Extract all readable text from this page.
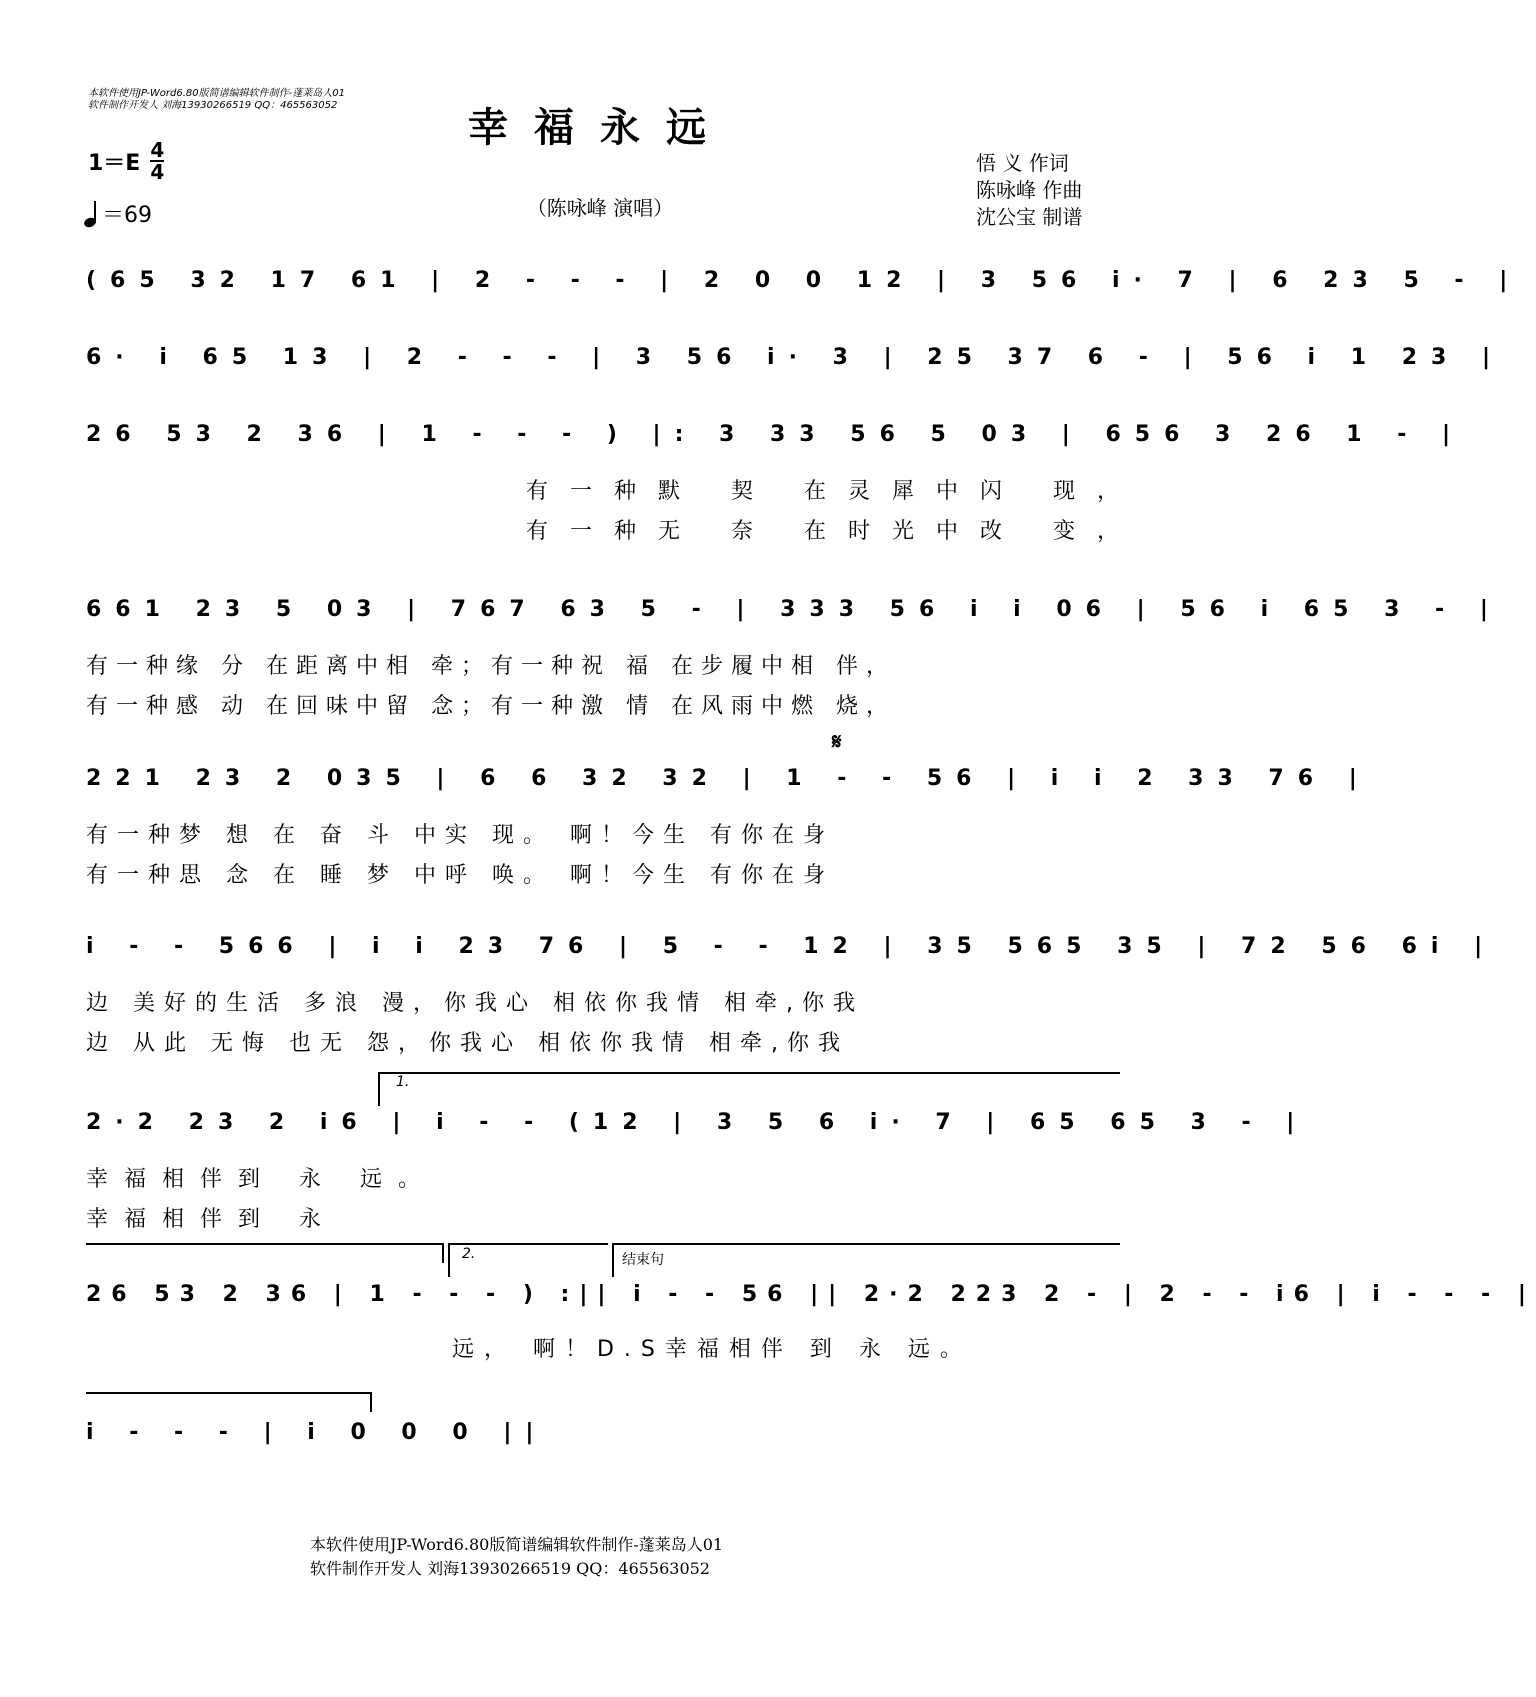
本软件使用JP-Word6.80版简谱编辑软件制作-蓬莱岛人01
软件制作开发人 刘海13930266519 QQ：465563052	幸福永远
（陈咏峰 演唱）
$1=E \frac{4}{4}$
＝69
悟 义 作词
陈咏峰 作曲
沈公宝 制谱
(65 32 17 61 | 2 - - - | 2 0 0 12 | 3 56 i· 7 | 6 23 5 - |
6· i 65 13 | 2 - - - | 3 56 i· 3 | 25 37 6 - | 56 i 1 23 |
26 53 2 36 | 1 - - - ) |: 3 33 56 5 03 | 656 3 26 1 - |
有一种默 契 在灵犀中闪 现，
有一种无 奈 在时光中改 变，
661 23 5 03 | 767 63 5 - | 333 56 i i 06 | 56 i 65 3 - |
有一种缘 分 在距离中相 牵；有一种祝 福 在步履中相 伴，
有一种感 动 在回味中留 念；有一种激 情 在风雨中燃 烧，
𝄋
221 23 2 035 | 6 6 32 32 | 1 - - 56 | i i 2 33 76 |
有一种梦 想 在 奋 斗 中实 现。 啊！今生 有你在身
有一种思 念 在 睡 梦 中呼 唤。 啊！今生 有你在身
i - - 566 | i i 23 76 | 5 - - 12 | 35 565 35 | 72 56 6i |
边 美好的生活 多浪 漫，你我心 相依你我情 相牵,你我
边 从此 无悔 也无 怨，你我心 相依你我情 相牵,你我
1.
2·2 23 2 i6 | i - - (12 | 3 5 6 i· 7 | 65 65 3 - |
幸福相伴到 永 远。
幸福相伴到 永
2.	结束句
26 53 2 36 | 1 - - - ) :|| i - - 56 || 2·2 223 2 - | 2 - - i6 | i - - - |
远， 啊！D.S幸福相伴 到 永 远。
i - - - | i 0 0 0 ||
本软件使用JP-Word6.80版简谱编辑软件制作-蓬莱岛人01
软件制作开发人 刘海13930266519 QQ：465563052
